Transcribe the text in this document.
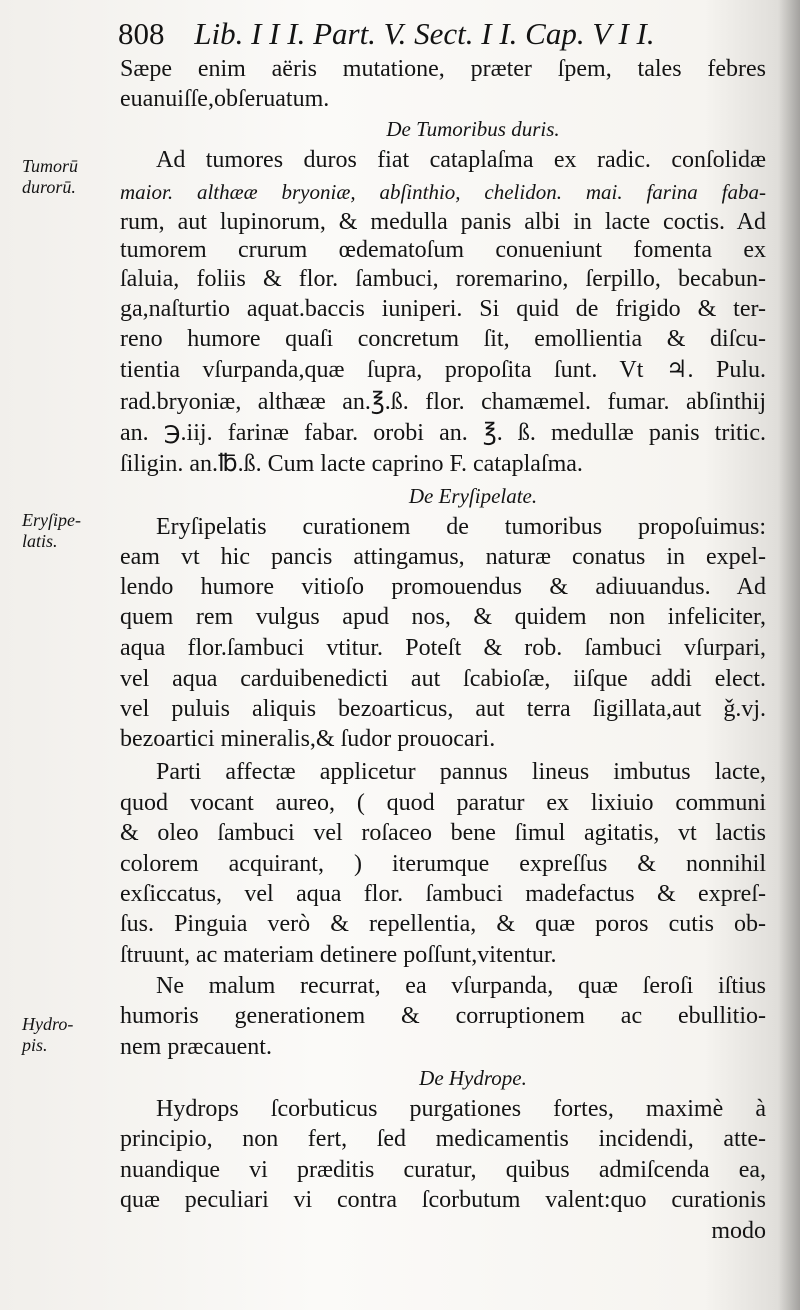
808 Lib. I I I. Part. V. Sect. I I. Cap. V I I.
Tumorū
durorū.
Eryſipe-
latis.
Hydro-
pis.
Sæpe enim aëris mutatione, præter ſpem, tales febres
euanuiſſe,obſeruatum.
De Tumoribus duris.
Ad tumores duros fiat cataplaſma ex radic. conſolidæ
maior. althææ bryoniæ, abſinthio, chelidon. mai. farina faba-
rum, aut lupinorum, & medulla panis albi in lacte coctis. Ad
tumorem crurum œdematoſum conueniunt fomenta ex
ſaluia, foliis & flor. ſambuci, roremarino, ſerpillo, becabun-
ga,naſturtio aquat.baccis iuniperi. Si quid de frigido & ter-
reno humore quaſi concretum ſit, emollientia & diſcu-
tientia vſurpanda,quæ ſupra, propoſita ſunt. Vt ♃. Pulu.
rad.bryoniæ, althææ an.℥.ß. flor. chamæmel. fumar. abſinthij
an. ℈.iij. farinæ fabar. orobi an. ℥. ß. medullæ panis tritic.
ſiligin. an.℔.ß. Cum lacte caprino F. cataplaſma.
De Eryſipelate.
Eryſipelatis curationem de tumoribus propoſuimus:
eam vt hic pancis attingamus, naturæ conatus in expel-
lendo humore vitioſo promouendus & adiuuandus. Ad
quem rem vulgus apud nos, & quidem non infeliciter,
aqua flor.ſambuci vtitur. Poteſt & rob. ſambuci vſurpari,
vel aqua carduibenedicti aut ſcabioſæ, iiſque addi elect.
vel puluis aliquis bezoarticus, aut terra ſigillata,aut ǧ.vj.
bezoartici mineralis,& ſudor prouocari.
Parti affectæ applicetur pannus lineus imbutus lacte,
quod vocant aureo, ( quod paratur ex lixiuio communi
& oleo ſambuci vel roſaceo bene ſimul agitatis, vt lactis
colorem acquirant, ) iterumque expreſſus & nonnihil
exſiccatus, vel aqua flor. ſambuci madefactus & expreſ-
ſus. Pinguia verò & repellentia, & quæ poros cutis ob-
ſtruunt, ac materiam detinere poſſunt,vitentur.
Ne malum recurrat, ea vſurpanda, quæ ſeroſi iſtius
humoris generationem & corruptionem ac ebullitio-
nem præcauent.
De Hydrope.
Hydrops ſcorbuticus purgationes fortes, maximè à
principio, non fert, ſed medicamentis incidendi, atte-
nuandique vi præditis curatur, quibus admiſcenda ea,
quæ peculiari vi contra ſcorbutum valent:quo curationis
modo
